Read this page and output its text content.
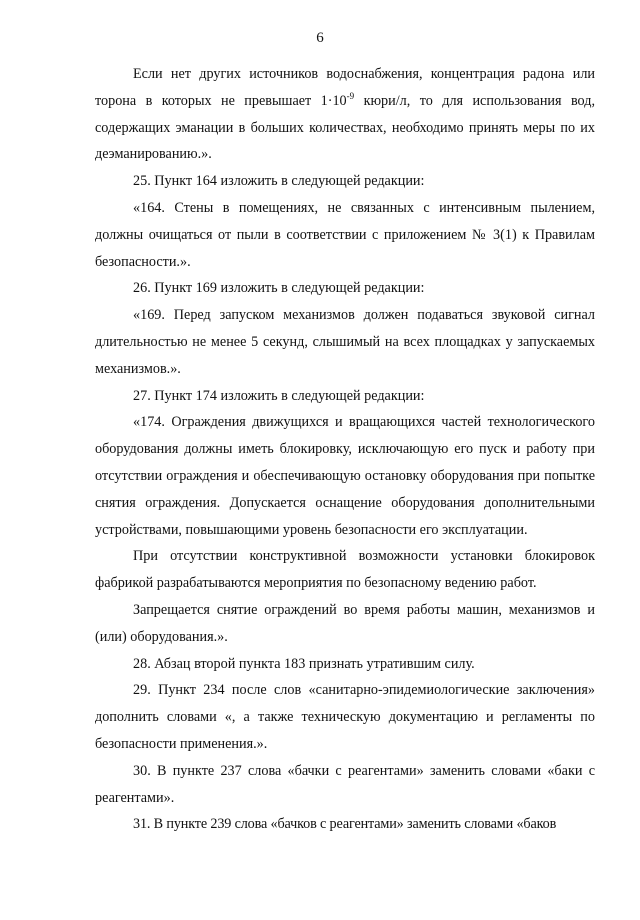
6

Если нет других источников водоснабжения, концентрация радона или торона в которых не превышает $1\cdot 10^{-9}$ кюри/л, то для использования вод, содержащих эманации в больших количествах, необходимо принять меры по их деэманированию.».

25. Пункт 164 изложить в следующей редакции:

«164. Стены в помещениях, не связанных с интенсивным пылением, должны очищаться от пыли в соответствии с приложением № 3(1) к Правилам безопасности.».

26. Пункт 169 изложить в следующей редакции:

«169. Перед запуском механизмов должен подаваться звуковой сигнал длительностью не менее 5 секунд, слышимый на всех площадках у запускаемых механизмов.».

27. Пункт 174 изложить в следующей редакции:

«174. Ограждения движущихся и вращающихся частей технологического оборудования должны иметь блокировку, исключающую его пуск и работу при отсутствии ограждения и обеспечивающую остановку оборудования при попытке снятия ограждения. Допускается оснащение оборудования дополнительными устройствами, повышающими уровень безопасности его эксплуатации.

При отсутствии конструктивной возможности установки блокировок фабрикой разрабатываются мероприятия по безопасному ведению работ.

Запрещается снятие ограждений во время работы машин, механизмов и (или) оборудования.».

28. Абзац второй пункта 183 признать утратившим силу.

29. Пункт 234 после слов «санитарно-эпидемиологические заключения» дополнить словами «, а также техническую документацию и регламенты по безопасности применения.».

30. В пункте 237 слова «бачки с реагентами» заменить словами «баки с реагентами».

31. В пункте 239 слова «бачков с реагентами» заменить словами «баков
